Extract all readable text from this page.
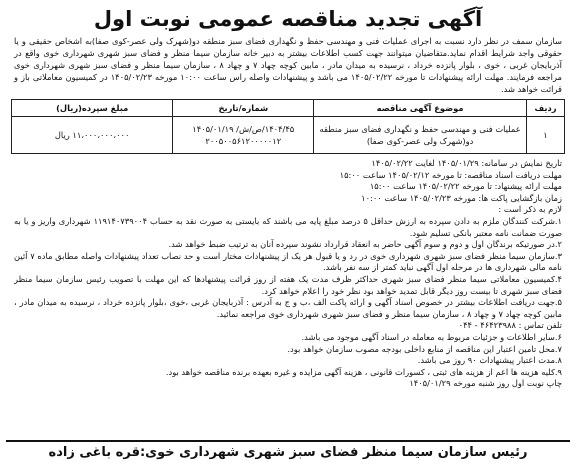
آگهی تجدید مناقصه عمومی نوبت اول
سازمان سمف در نظر دارد نسبت به اجرای عملیات فنی و مهندسی حفظ و نگهداری فضای سبز منطقه دو(شهرک ولی عصر-کوی صفا)به اشخاص حقیقی و یا حقوقی واجد شرایط اقدام نماید.متقاضیان میتوانند جهت کسب اطلاعات بیشتر به دبیر خانه سازمان سیما منظر و فضای سبز شهری شهرداری خوی واقع در آذربایجان غربی ، خوی ، بلوار پانزده خرداد ، نرسیده به میدان مادر ، مابین کوچه چهاد ۷ و چهاد ۸ ، سازمان سیما منظر و فضای سبز شهری شهرداری خوی مراجعه فرمایند. مهلت ارائه پیشنهادات تا مورخه ۱۴۰۵/۰۲/۲۲ می باشد و پیشنهادات واصله راس ساعت ۱۰:۰۰ مورخه ۱۴۰۵/۰۲/۲۳ در کمیسیون معاملاتی باز و قرائت خواهد شد.
ردیف	موضوع آگهی مناقصه	شماره/تاریخ	مبلغ سپرده(ریال)
۱	عملیات فنی و مهندسی حفظ و نگهداری فضای سبز منطقه دو(شهرک ولی عصر-کوی صفا)	۱۴۰۴/۴۵/ص/ش/ ۱۴۰۵/۰۱/۱۹ ۲۰۰۵۰۰۵۶۱۲۰۰۰۰۰۱۲	۱۱،۰۰۰،۰۰۰،۰۰۰ ریال
تاریخ نمایش در سامانه: ۱۴۰۵/۰۱/۲۹ لغایت ۱۴۰۵/۰۲/۲۲
مهلت دریافت اسناد مناقصه: تا مورخه ۱۴۰۵/۰۲/۱۲ ساعت ۱۵:۰۰
مهلت ارائه پیشنهاد: تا مورخه ۱۴۰۵/۰۲/۲۲ ساعت ۱۵:۰۰
زمان بازگشایی پاکت ها: مورخه ۱۴۰۵/۰۲/۲۳ ساعت ۱۰:۰۰
لازم به ذکر است :
۱.شرکت کنندگان ملزم به دادن سپرده به ارزش حداقل ۵ درصد مبلغ پایه می باشند که بایستی به صورت نقد به حساب ۱۱۹۱۴۰۷۳۹۰۰۴ شهرداری واریز و یا به صورت ضمانت نامه معتبر بانکی تسلیم شود.
۲.در صورتیکه برندگان اول و دوم و سوم آگهی حاضر به انعقاد قرارداد نشوند سپرده آنان به ترتیب ضبط خواهد شد.
۳.سازمان سیما منظر فضای سبز شهری شهرداری خوی در رد و یا قبول هر یک از پیشنهادات مختار است و حد نصاب تعداد پیشنهادات واصله مطابق ماده ۷ آئین نامه مالی شهرداری ها در مرحله اول آگهی نباید کمتر از سه نفر باشد.
۴.کمیسیون معاملاتی سیما منظر فضای سبز شهری حداکثر ظرف مدت یک هفته از روز قرائت پیشنهادها که این مهلت با تصویب رئیس سازمان سیما منظر فضای سبز شهری تا بیست روز دیگر قابل تمدید خواهد بود نظر خود را اعلام خواهد کرد.
۵.جهت دریافت اطلاعات بیشتر در خصوص اسناد آگهی و ارائه پاکت الف ،ب و ج به آدرس : آذربایجان غربی ،خوی ،بلوار پانزده خرداد ، نرسیده به میدان مادر ، مابین کوچه چهاد ۷ و چهاد ۸ ، سازمان سیما منظر و فضای سبز شهری شهرداری خوی مراجعه نمائید.
تلفن تماس : ۴۶۴۲۳۹۸۸ - ۰۴۴
۶.سایر اطلاعات و جزئیات مربوط به معامله در اسناد آگهی موجود می باشد.
۷.محل تامین اعتبار این مناقصه از منابع داخلی بودجه مصوب سازمان خواهد بود.
۸.مدت اعتبار پیشنهادات ۹۰ روز می باشد.
۹.کلیه هزینه ها اعم از هزینه های ثبتی ، کسورات قانونی ، هزینه آگهی مزایده و غیره بعهده برنده مناقصه خواهد بود.
چاپ نوبت اول روز شنبه مورخه ۱۴۰۵/۰۱/۲۹
رئیس سازمان سیما منظر فضای سبز شهری شهرداری خوی:قره باغی زاده
